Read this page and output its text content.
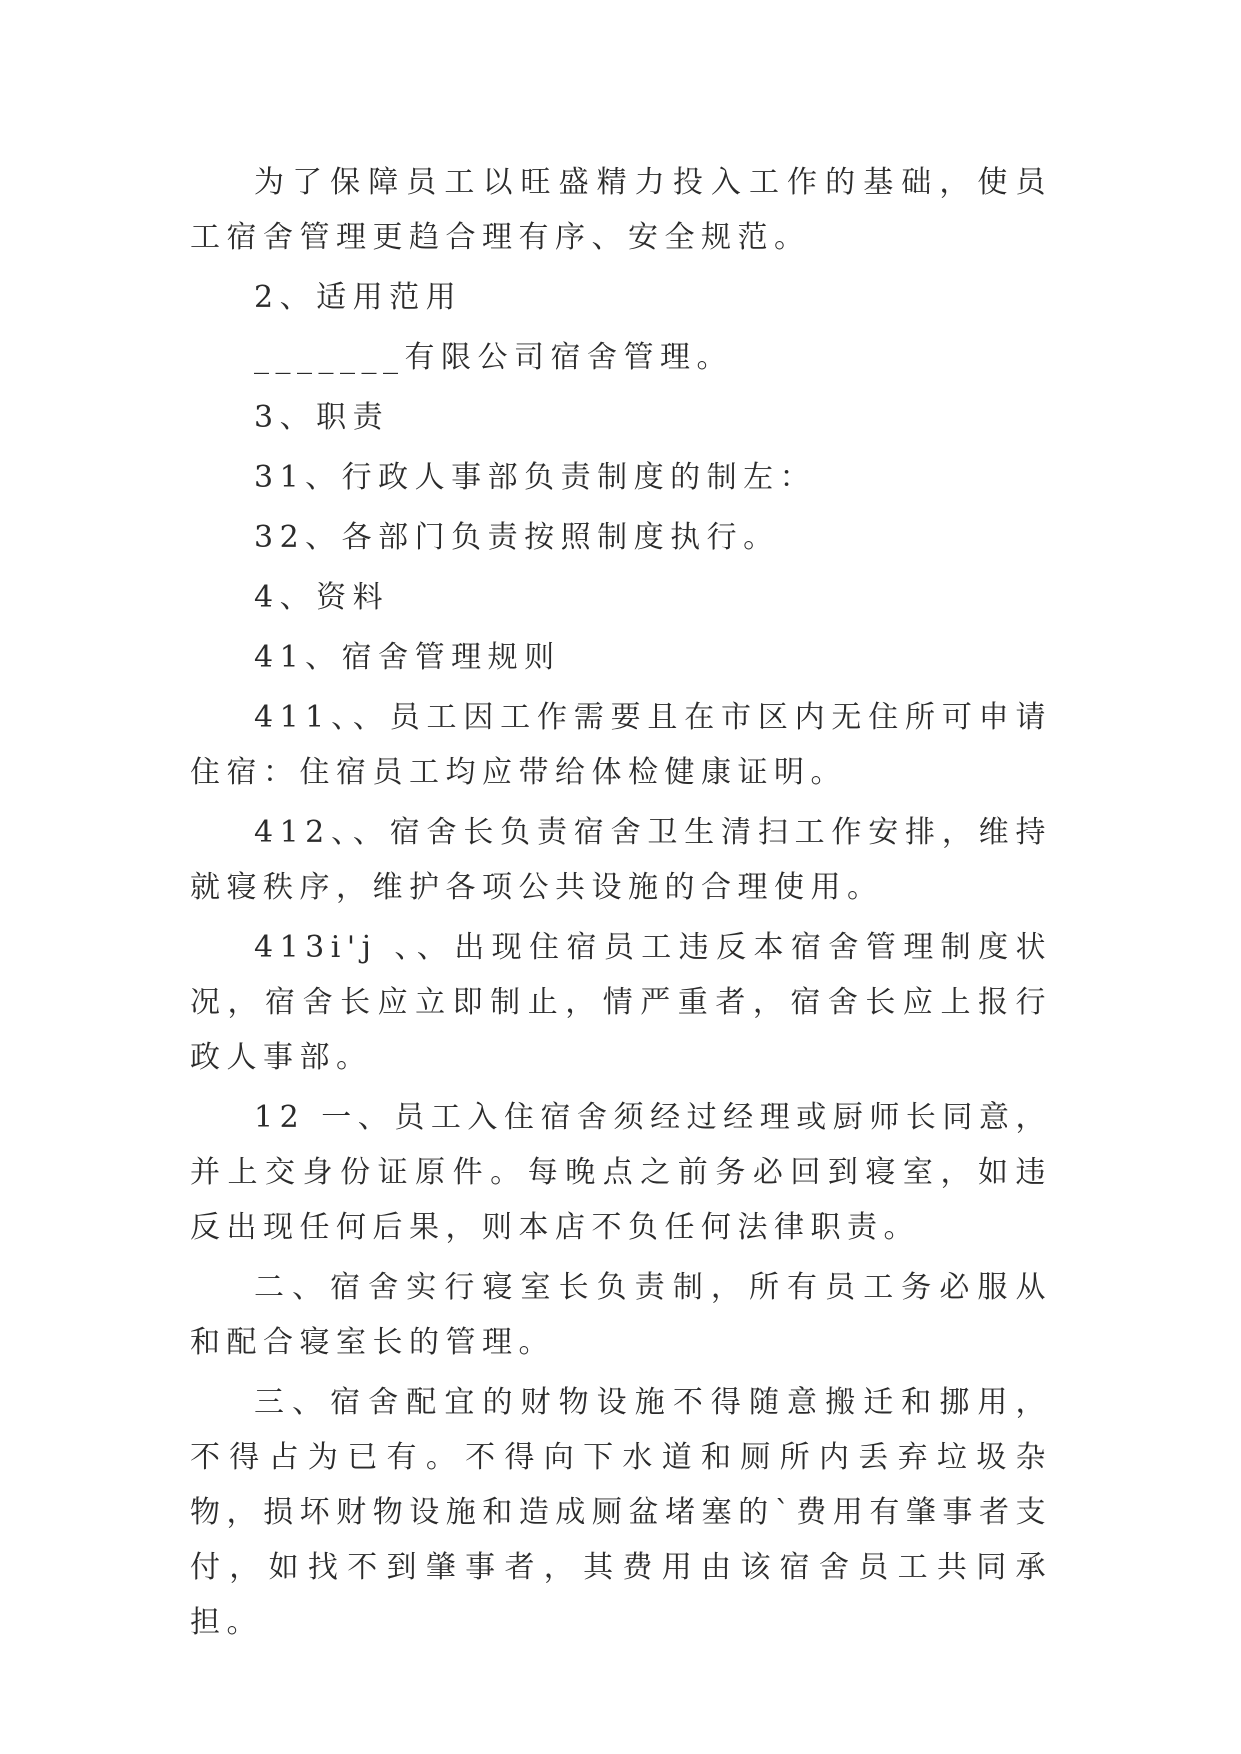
为了保障员工以旺盛精力投入工作的基础，使员工宿舍管理更趋合理有序、安全规范。

2、适用范用

_______有限公司宿舍管理。

3、职责

31、行政人事部负责制度的制左：

32、各部门负责按照制度执行。

4、资料

41、宿舍管理规则

411、、员工因工作需要且在市区内无住所可申请住宿：住宿员工均应带给体检健康证明。

412、、宿舍长负责宿舍卫生清扫工作安排，维持就寝秩序，维护各项公共设施的合理使用。

413i'j 、、出现住宿员工违反本宿舍管理制度状况，宿舍长应立即制止，情严重者，宿舍长应上报行政人事部。

12 一、员工入住宿舍须经过经理或厨师长同意，并上交身份证原件。每晚点之前务必回到寝室，如违反出现任何后果，则本店不负任何法律职责。

二、宿舍实行寝室长负责制，所有员工务必服从和配合寝室长的管理。

三、宿舍配宜的财物设施不得随意搬迁和挪用，不得占为已有。不得向下水道和厕所内丢弃垃圾杂物，损坏财物设施和造成厕盆堵塞的`费用有肇事者支付，如找不到肇事者，其费用由该宿舍员工共同承担。
